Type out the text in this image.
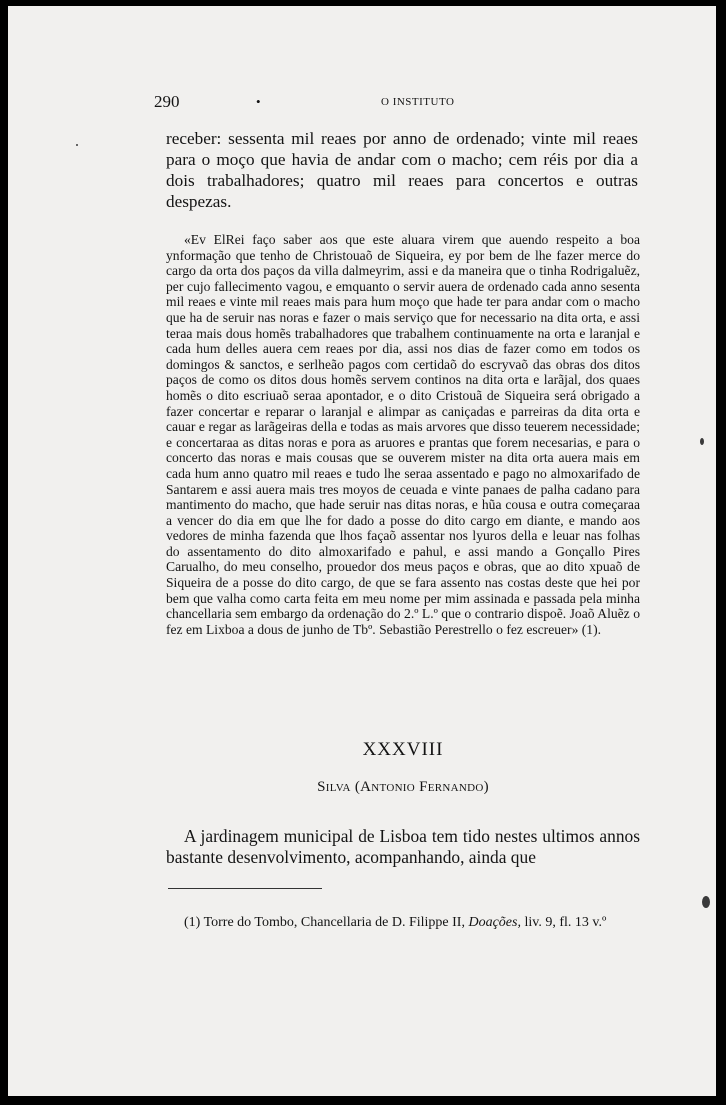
290	•	O INSTITUTO

receber: sessenta mil reaes por anno de ordenado; vinte mil reaes para o moço que havia de andar com o macho; cem réis por dia a dois trabalhadores; quatro mil reaes para concertos e outras despezas.

«Ev ElRei faço saber aos que este aluara virem que auendo respeito a boa ynformação que tenho de Christouaõ de Siqueira, ey por bem de lhe fazer merce do cargo da orta dos paços da villa dalmeyrim, assi e da maneira que o tinha Rodrigaluẽz, per cujo fallecimento vagou, e emquanto o servir auera de ordenado cada anno sesenta mil reaes e vinte mil reaes mais para hum moço que hade ter para andar com o macho que ha de seruir nas noras e fazer o mais serviço que for necessario na dita orta, e assi teraa mais dous homẽs trabalhadores que trabalhem continuamente na orta e laranjal e cada hum delles auera cem reaes por dia, assi nos dias de fazer como em todos os domingos & sanctos, e serlheão pagos com certidaõ do escryvaõ das obras dos ditos paços de como os ditos dous homẽs servem continos na dita orta e larãjal, dos quaes homẽs o dito escriuaõ seraa apontador, e o dito Cristouã de Siqueira será obrigado a fazer concertar e reparar o laranjal e alimpar as caniçadas e parreiras da dita orta e cauar e regar as larãgeiras della e todas as mais arvores que disso teuerem necessidade; e concertaraa as ditas noras e pora as aruores e prantas que forem necesarias, e para o concerto das noras e mais cousas que se ouverem mister na dita orta auera mais em cada hum anno quatro mil reaes e tudo lhe seraa assentado e pago no almoxarifado de Santarem e assi auera mais tres moyos de ceuada e vinte panaes de palha cadano para mantimento do macho, que hade seruir nas ditas noras, e hũa cousa e outra começaraa a vencer do dia em que lhe for dado a posse do dito cargo em diante, e mando aos vedores de minha fazenda que lhos façaõ assentar nos lyuros della e leuar nas folhas do assentamento do dito almoxarifado e pahul, e assi mando a Gonçallo Pires Carualho, do meu conselho, prouedor dos meus paços e obras, que ao dito xpuaõ de Siqueira de a posse do dito cargo, de que se fara assento nas costas deste que hei por bem que valha como carta feita em meu nome per mim assinada e passada pela minha chancellaria sem embargo da ordenação do 2.º L.º que o contrario dispoẽ. Joaõ Aluẽz o fez em Lixboa a dous de junho de Tbº. Sebastião Perestrello o fez escreuer» (1).

XXXVIII
Silva (Antonio Fernando)

A jardinagem municipal de Lisboa tem tido nestes ultimos annos bastante desenvolvimento, acompanhando, ainda que

(1) Torre do Tombo, Chancellaria de D. Filippe II, Doações, liv. 9, fl. 13 v.º
